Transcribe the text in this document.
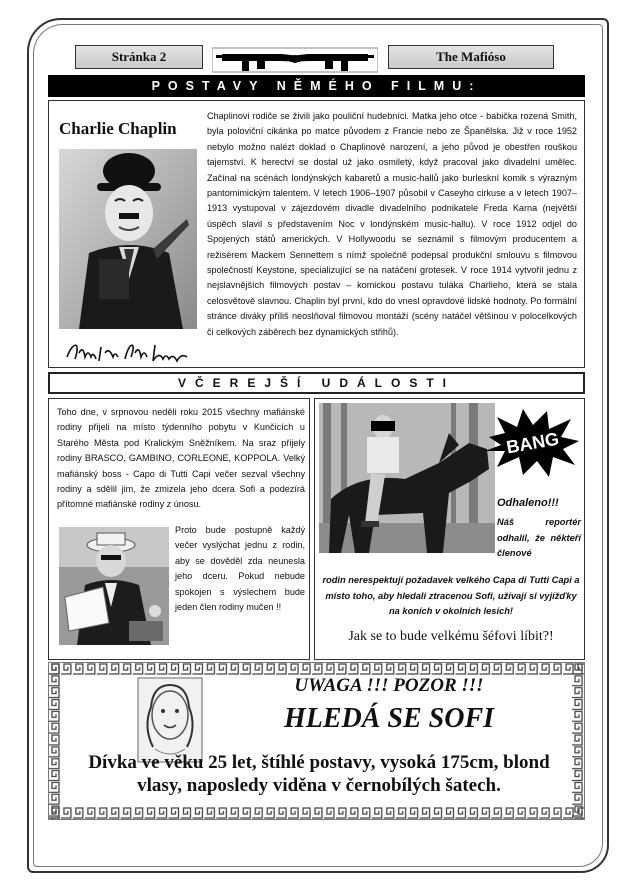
Stránka 2	The Mafióso
POSTAVY NĚMÉHO FILMU:
Charlie Chaplin
Chaplinovi rodiče se živili jako pouliční hudebníci. Matka jeho otce - babička rozená Smith, byla poloviční cikánka po matce původem z Francie nebo ze Španělska. Již v roce 1952 nebylo možno nalézt doklad o Chaplinově narození, a jeho původ je obestřen rouškou tajemství. K herectví se dostal už jako osmiletý, když pracoval jako divadelní umělec. Začínal na scénách londýnských kabaretů a music-hallů jako burleskní komik s výrazným pantomimickým talentem. V letech 1906–1907 působil v Caseyho cirkuse a v letech 1907–1913 vystupoval v zájezdovém divadle divadelního podnikatele Freda Karna (největší úspěch slavil s představením Noc v londýnském music-hallu). V roce 1912 odjel do Spojených států amerických. V Hollywoodu se seznámil s filmovým producentem a režisérem Mackem Sennettem s nímž společně podepsal produkční smlouvu s filmovou společností Keystone, specializující se na natáčení grotesek. V roce 1914 vytvořil jednu z nejslavnějších filmových postav – komickou postavu tuláka Charlieho, která se stala celosvětově slavnou. Chaplin byl první, kdo do vnesl opravdové lidské hodnoty. Po formální stránce diváky příliš neoslňoval filmovou montáží (scény natáčel většinou v polocelkových či celkových záběrech bez dynamických střihů).
VČEREJŠÍ UDÁLOSTI
Toho dne, v srpnovou neděli roku 2015 všechny mafiánské rodiny přijeli na místo týdenního pobytu v Kunčicích u Starého Města pod Kralickým Sněžníkem. Na sraz přijely rodiny BRASCO, GAMBINO, CORLEONE, KOPPOLA. Velký mafiánský boss - Capo di Tutti Capi večer sezval všechny rodiny a sdělil jim, že zmizela jeho dcera Sofi a podezírá přítomné mafiánské rodiny z únosu.
Proto bude postupně každý večer vyslýchat jednu z rodin, aby se dověděl zda neunesla jeho dceru. Pokud nebude spokojen s výslechem bude jeden člen rodiny mučen !!
BANG
Odhaleno!!!
Náš reportér odhalil, že někteří členové
rodin nerespektují požadavek velkého Capa di Tutti Capi a místo toho, aby hledali ztracenou Sofi, užívají si vyjížďky na koních v okolních lesích!
Jak se to bude velkému šéfovi líbit?!
UWAGA !!! POZOR !!!
HLEDÁ SE SOFI
Dívka ve věku 25 let, štíhlé postavy, vysoká 175cm, blond vlasy, naposledy viděna v černobílých šatech.
